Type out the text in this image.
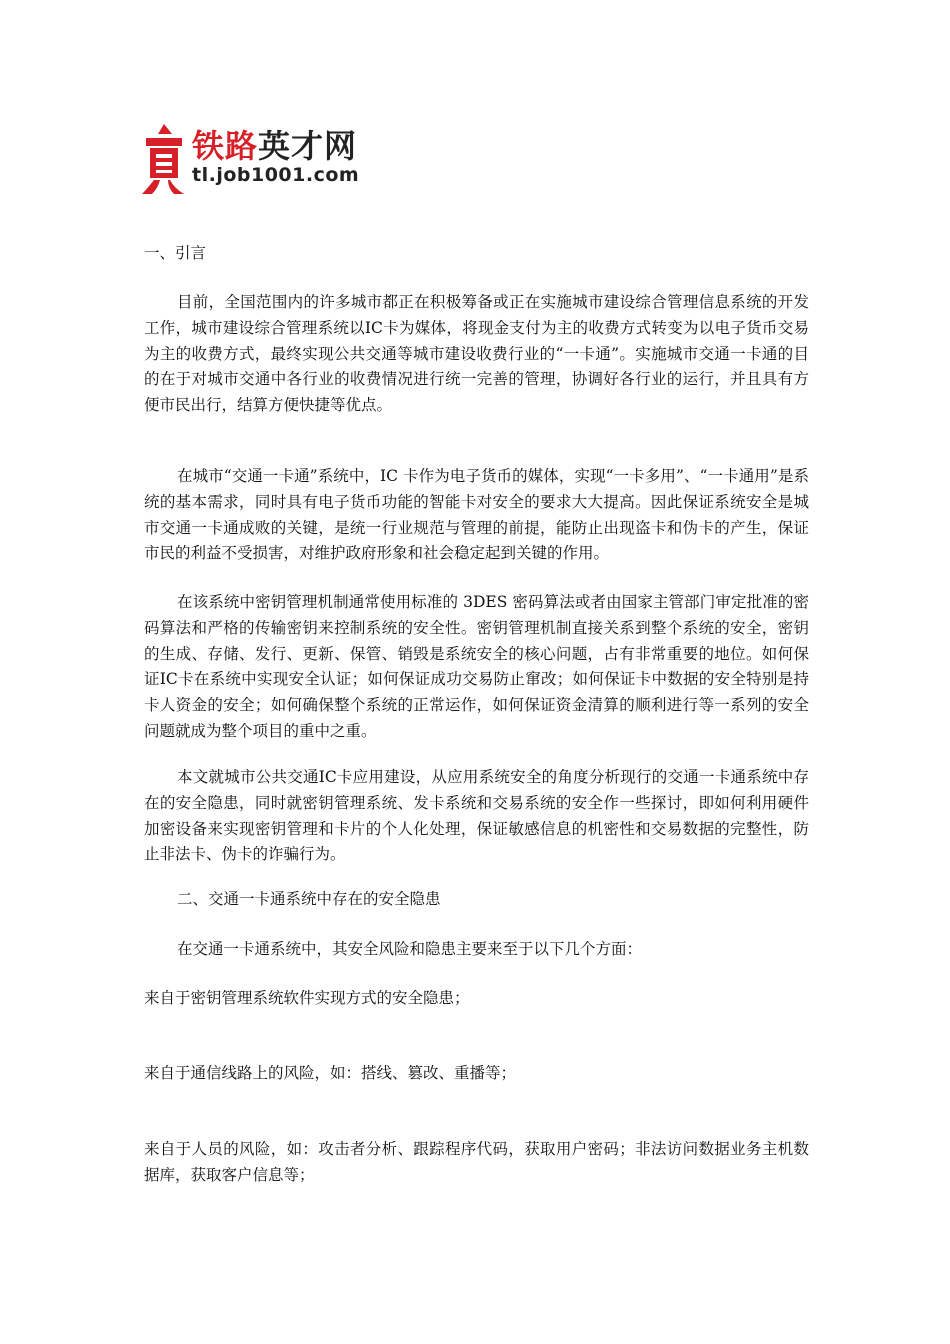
铁路英才网
tl.job1001.com

一、引言

目前，全国范围内的许多城市都正在积极筹备或正在实施城市建设综合管理信息系统的开发工作，城市建设综合管理系统以IC卡为媒体，将现金支付为主的收费方式转变为以电子货币交易为主的收费方式，最终实现公共交通等城市建设收费行业的“一卡通”。实施城市交通一卡通的目的在于对城市交通中各行业的收费情况进行统一完善的管理，协调好各行业的运行，并且具有方便市民出行，结算方便快捷等优点。

在城市“交通一卡通”系统中，IC 卡作为电子货币的媒体，实现“一卡多用”、“一卡通用”是系统的基本需求，同时具有电子货币功能的智能卡对安全的要求大大提高。因此保证系统安全是城市交通一卡通成败的关键，是统一行业规范与管理的前提，能防止出现盗卡和伪卡的产生，保证市民的利益不受损害，对维护政府形象和社会稳定起到关键的作用。

在该系统中密钥管理机制通常使用标准的 3DES 密码算法或者由国家主管部门审定批准的密码算法和严格的传输密钥来控制系统的安全性。密钥管理机制直接关系到整个系统的安全，密钥的生成、存储、发行、更新、保管、销毁是系统安全的核心问题，占有非常重要的地位。如何保证IC卡在系统中实现安全认证；如何保证成功交易防止窜改；如何保证卡中数据的安全特别是持卡人资金的安全；如何确保整个系统的正常运作，如何保证资金清算的顺利进行等一系列的安全问题就成为整个项目的重中之重。

本文就城市公共交通IC卡应用建设，从应用系统安全的角度分析现行的交通一卡通系统中存在的安全隐患，同时就密钥管理系统、发卡系统和交易系统的安全作一些探讨，即如何利用硬件加密设备来实现密钥管理和卡片的个人化处理，保证敏感信息的机密性和交易数据的完整性，防止非法卡、伪卡的诈骗行为。

二、交通一卡通系统中存在的安全隐患

在交通一卡通系统中，其安全风险和隐患主要来至于以下几个方面：

来自于密钥管理系统软件实现方式的安全隐患；

来自于通信线路上的风险，如：搭线、篡改、重播等；

来自于人员的风险，如：攻击者分析、跟踪程序代码，获取用户密码；非法访问数据业务主机数据库，获取客户信息等；
